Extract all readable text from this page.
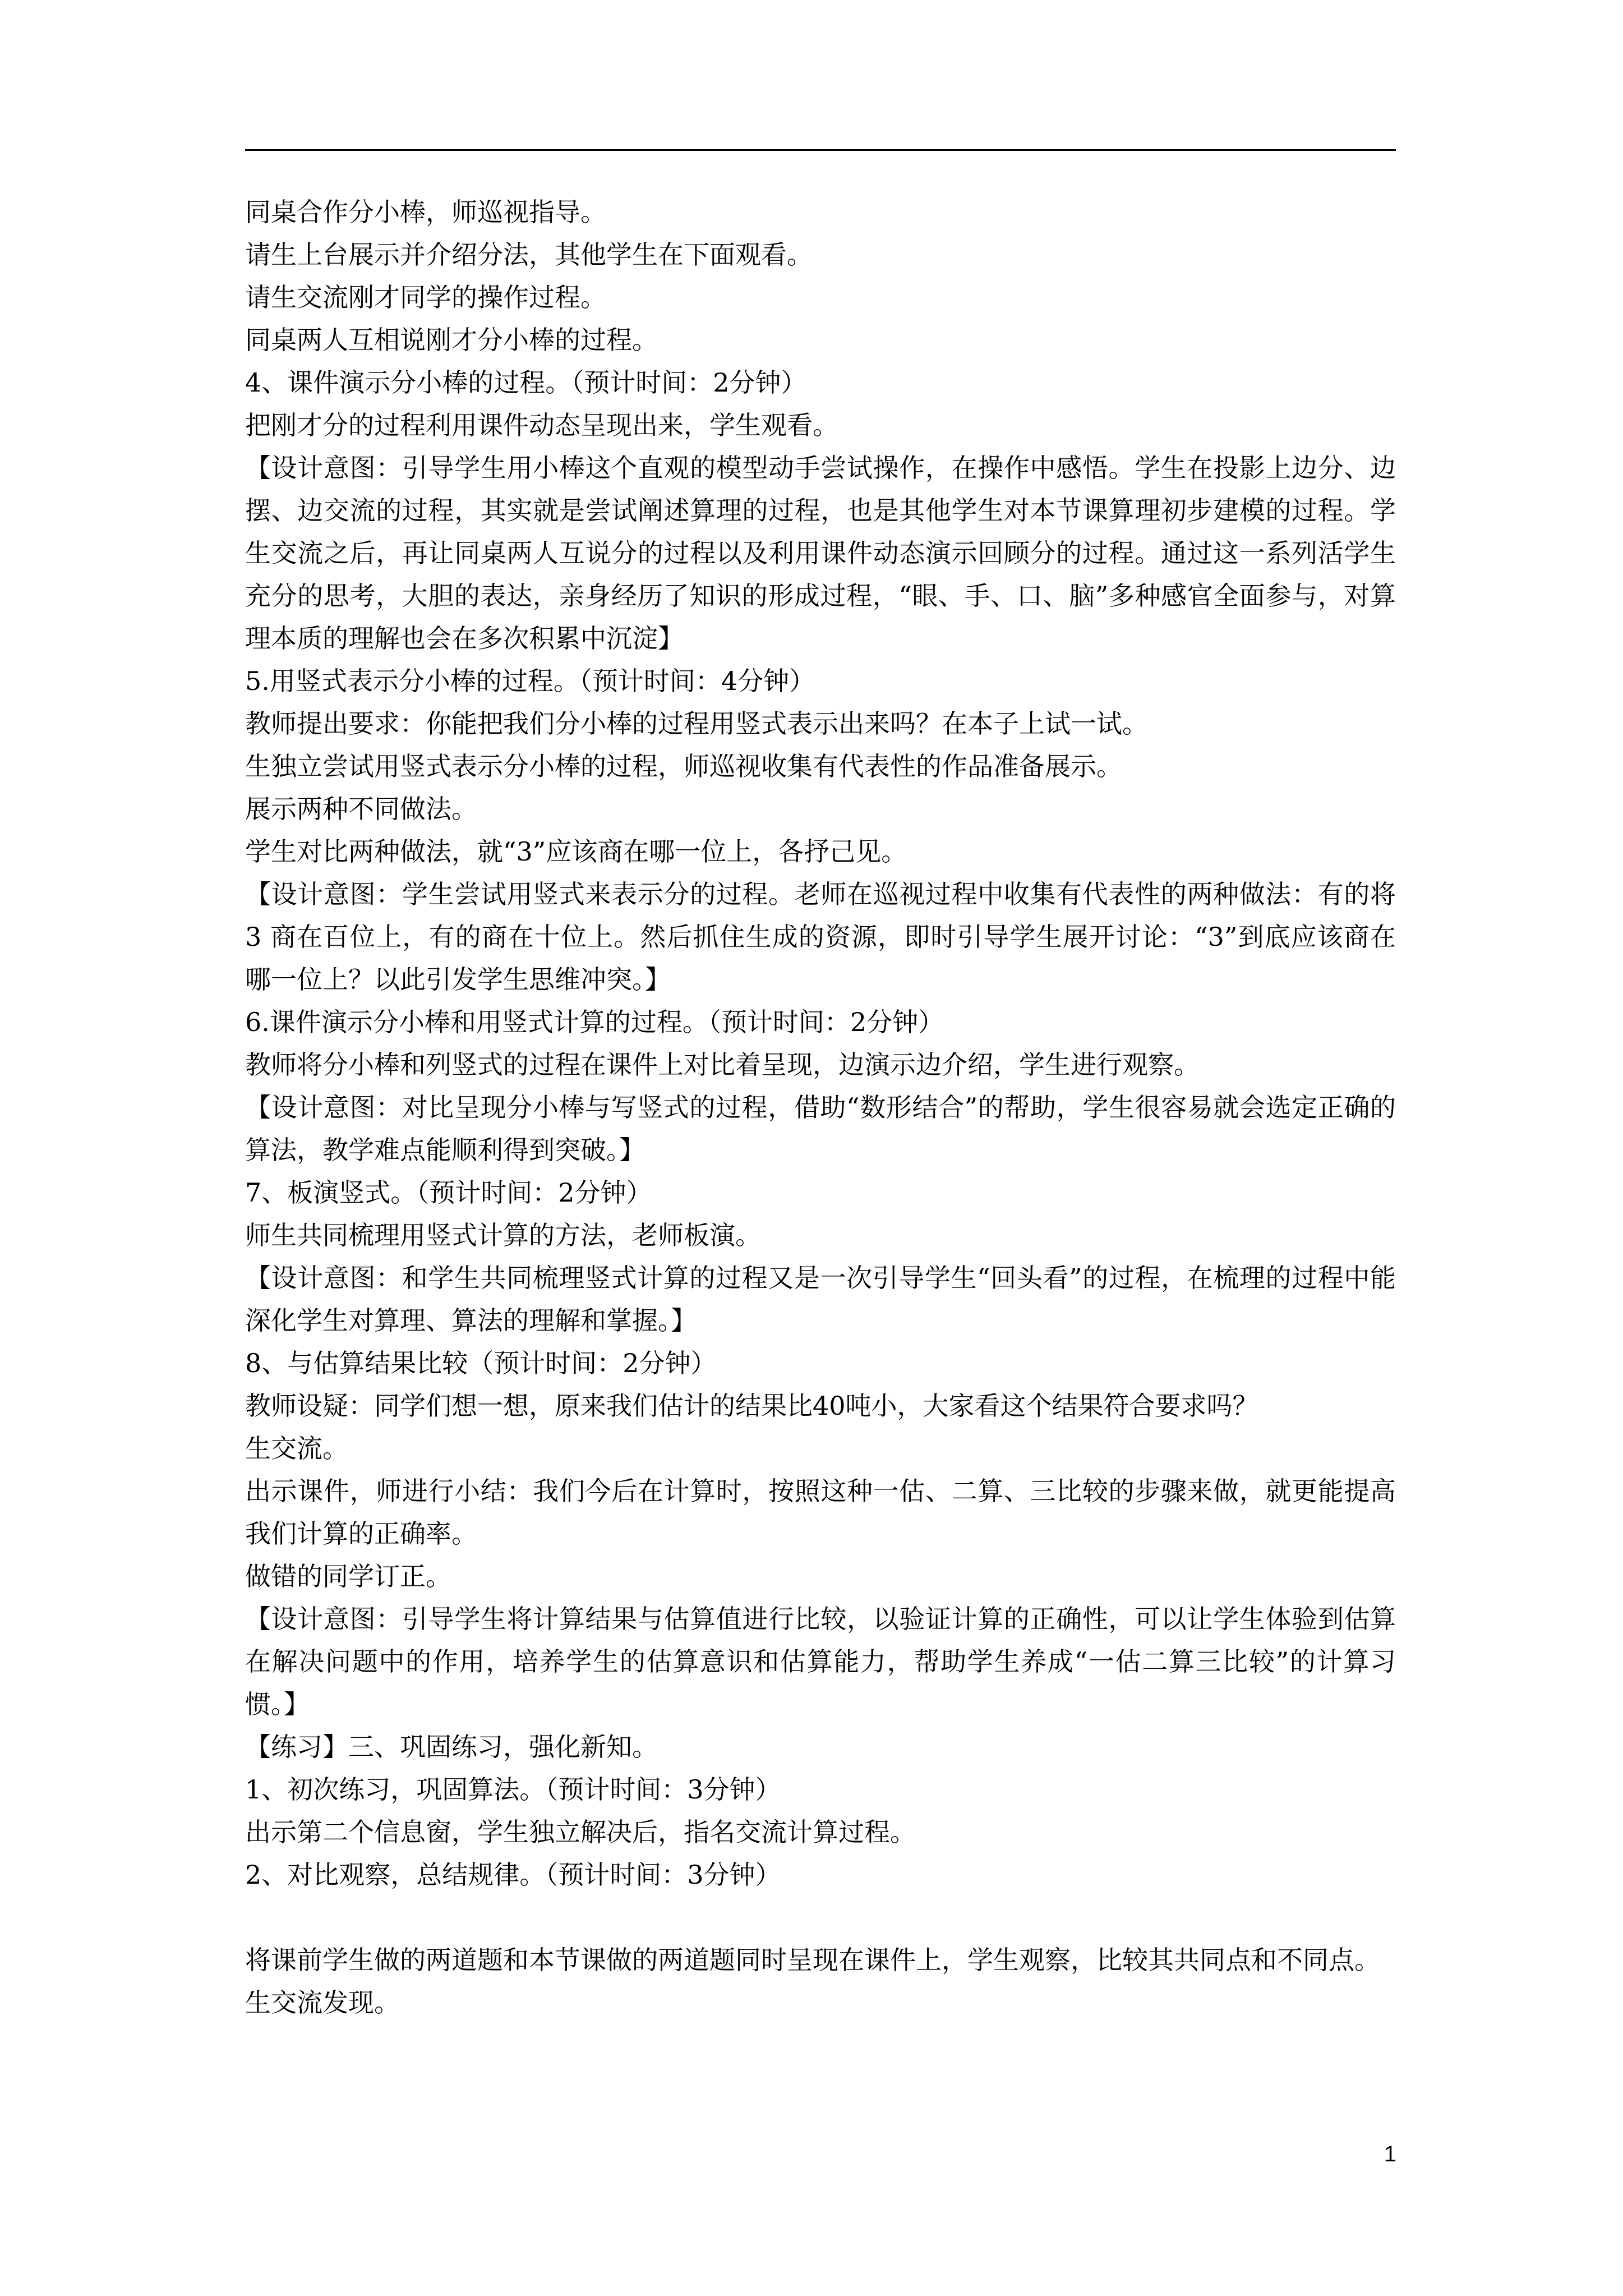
同桌合作分小棒，师巡视指导。

请生上台展示并介绍分法，其他学生在下面观看。

请生交流刚才同学的操作过程。

同桌两人互相说刚才分小棒的过程。

4、课件演示分小棒的过程。（预计时间：2分钟）

把刚才分的过程利用课件动态呈现出来，学生观看。

【设计意图：引导学生用小棒这个直观的模型动手尝试操作，在操作中感悟。学生在投影上边分、边摆、边交流的过程，其实就是尝试阐述算理的过程，也是其他学生对本节课算理初步建模的过程。学生交流之后，再让同桌两人互说分的过程以及利用课件动态演示回顾分的过程。通过这一系列活学生充分的思考，大胆的表达，亲身经历了知识的形成过程，“眼、手、口、脑”多种感官全面参与，对算理本质的理解也会在多次积累中沉淀】

5.用竖式表示分小棒的过程。（预计时间：4分钟）

教师提出要求：你能把我们分小棒的过程用竖式表示出来吗？在本子上试一试。

生独立尝试用竖式表示分小棒的过程，师巡视收集有代表性的作品准备展示。

展示两种不同做法。

学生对比两种做法，就“3”应该商在哪一位上，各抒己见。

【设计意图：学生尝试用竖式来表示分的过程。老师在巡视过程中收集有代表性的两种做法：有的将3 商在百位上，有的商在十位上。然后抓住生成的资源，即时引导学生展开讨论：“3”到底应该商在哪一位上？以此引发学生思维冲突。】

6.课件演示分小棒和用竖式计算的过程。（预计时间：2分钟）

教师将分小棒和列竖式的过程在课件上对比着呈现，边演示边介绍，学生进行观察。

【设计意图：对比呈现分小棒与写竖式的过程，借助“数形结合”的帮助，学生很容易就会选定正确的算法，教学难点能顺利得到突破。】

7、板演竖式。（预计时间：2分钟）

师生共同梳理用竖式计算的方法，老师板演。

【设计意图：和学生共同梳理竖式计算的过程又是一次引导学生“回头看”的过程，在梳理的过程中能深化学生对算理、算法的理解和掌握。】

8、与估算结果比较（预计时间：2分钟）

教师设疑：同学们想一想，原来我们估计的结果比40吨小，大家看这个结果符合要求吗？

生交流。

出示课件，师进行小结：我们今后在计算时，按照这种一估、二算、三比较的步骤来做，就更能提高我们计算的正确率。

做错的同学订正。

【设计意图：引导学生将计算结果与估算值进行比较，以验证计算的正确性，可以让学生体验到估算在解决问题中的作用，培养学生的估算意识和估算能力，帮助学生养成“一估二算三比较”的计算习惯。】

【练习】三、巩固练习，强化新知。

1、初次练习，巩固算法。（预计时间：3分钟）

出示第二个信息窗，学生独立解决后，指名交流计算过程。

2、对比观察，总结规律。（预计时间：3分钟）

将课前学生做的两道题和本节课做的两道题同时呈现在课件上，学生观察，比较其共同点和不同点。

生交流发现。

1
